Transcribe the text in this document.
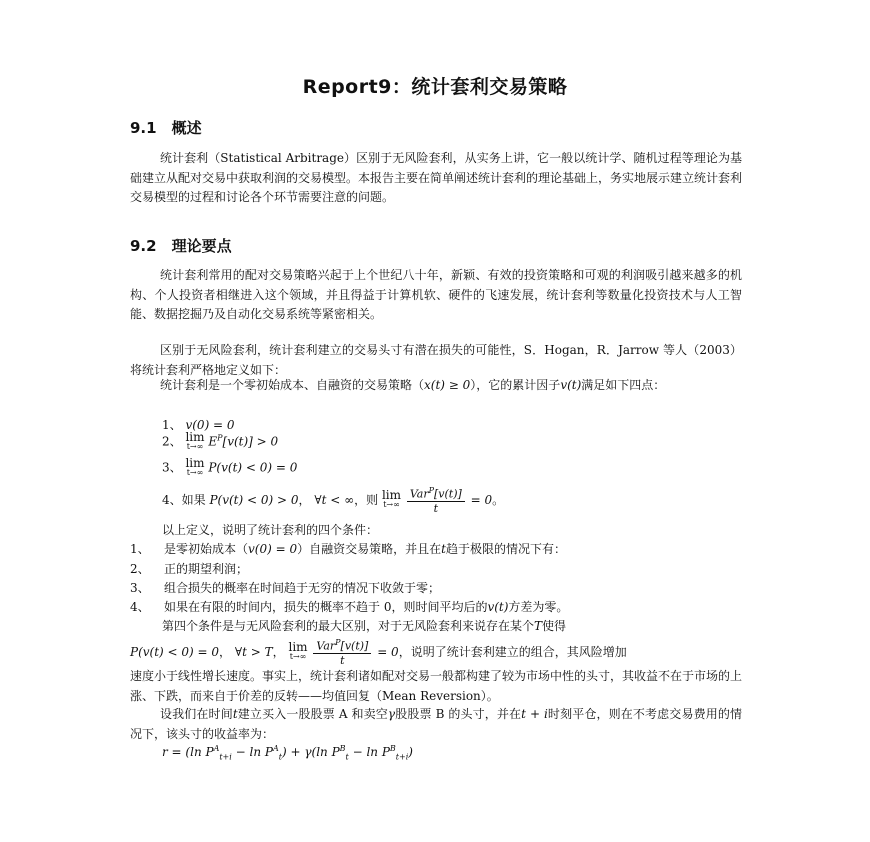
Report9：统计套利交易策略
9.1　概述
统计套利（Statistical Arbitrage）区别于无风险套利，从实务上讲，它一般以统计学、随机过程等理论为基础建立从配对交易中获取利润的交易模型。本报告主要在简单阐述统计套利的理论基础上，务实地展示建立统计套利交易模型的过程和讨论各个环节需要注意的问题。
9.2　理论要点
统计套利常用的配对交易策略兴起于上个世纪八十年，新颖、有效的投资策略和可观的利润吸引越来越多的机构、个人投资者相继进入这个领域，并且得益于计算机软、硬件的飞速发展，统计套利等数量化投资技术与人工智能、数据挖掘乃及自动化交易系统等紧密相关。
区别于无风险套利，统计套利建立的交易头寸有潜在损失的可能性，S．Hogan，R．Jarrow 等人（2003）将统计套利严格地定义如下：
统计套利是一个零初始成本、自融资的交易策略（x(t) ≥ 0），它的累计因子v(t)满足如下四点：
1、 v(0) = 0
2、 lim
t→∞ $E^P[v(t)] > 0$
3、 lim
t→∞ P(v(t) < 0) = 0
4、如果 P(v(t) < 0) > 0， ∀t < ∞，则 lim
t→∞
$\frac{Var^P[v(t)]}{t} = 0$。
以上定义，说明了统计套利的四个条件：
1、 是零初始成本（v(0) = 0）自融资交易策略，并且在t趋于极限的情况下有：
2、 正的期望利润；
3、 组合损失的概率在时间趋于无穷的情况下收敛于零；
4、 如果在有限的时间内，损失的概率不趋于 0，则时间平均后的v(t)方差为零。
第四个条件是与无风险套利的最大区别，对于无风险套利来说存在某个T使得
P(v(t) < 0) = 0， ∀t > T， lim
t→∞
$\frac{Var^P[v(t)]}{t} = 0$，说明了统计套利建立的组合，其风险增加
速度小于线性增长速度。事实上，统计套利诸如配对交易一般都构建了较为市场中性的头寸，其收益不在于市场的上涨、下跌，而来自于价差的反转——均值回复（Mean Reversion）。
设我们在时间t建立买入一股股票 A 和卖空γ股股票 B 的头寸，并在t + i时刻平仓，则在不考虑交易费用的情况下，该头寸的收益率为：
r = (ln $P^A_{t+i} - \ln P^A_t) + \gamma(\ln$ $P^B_t - \ln P^B_{t+i}$)
